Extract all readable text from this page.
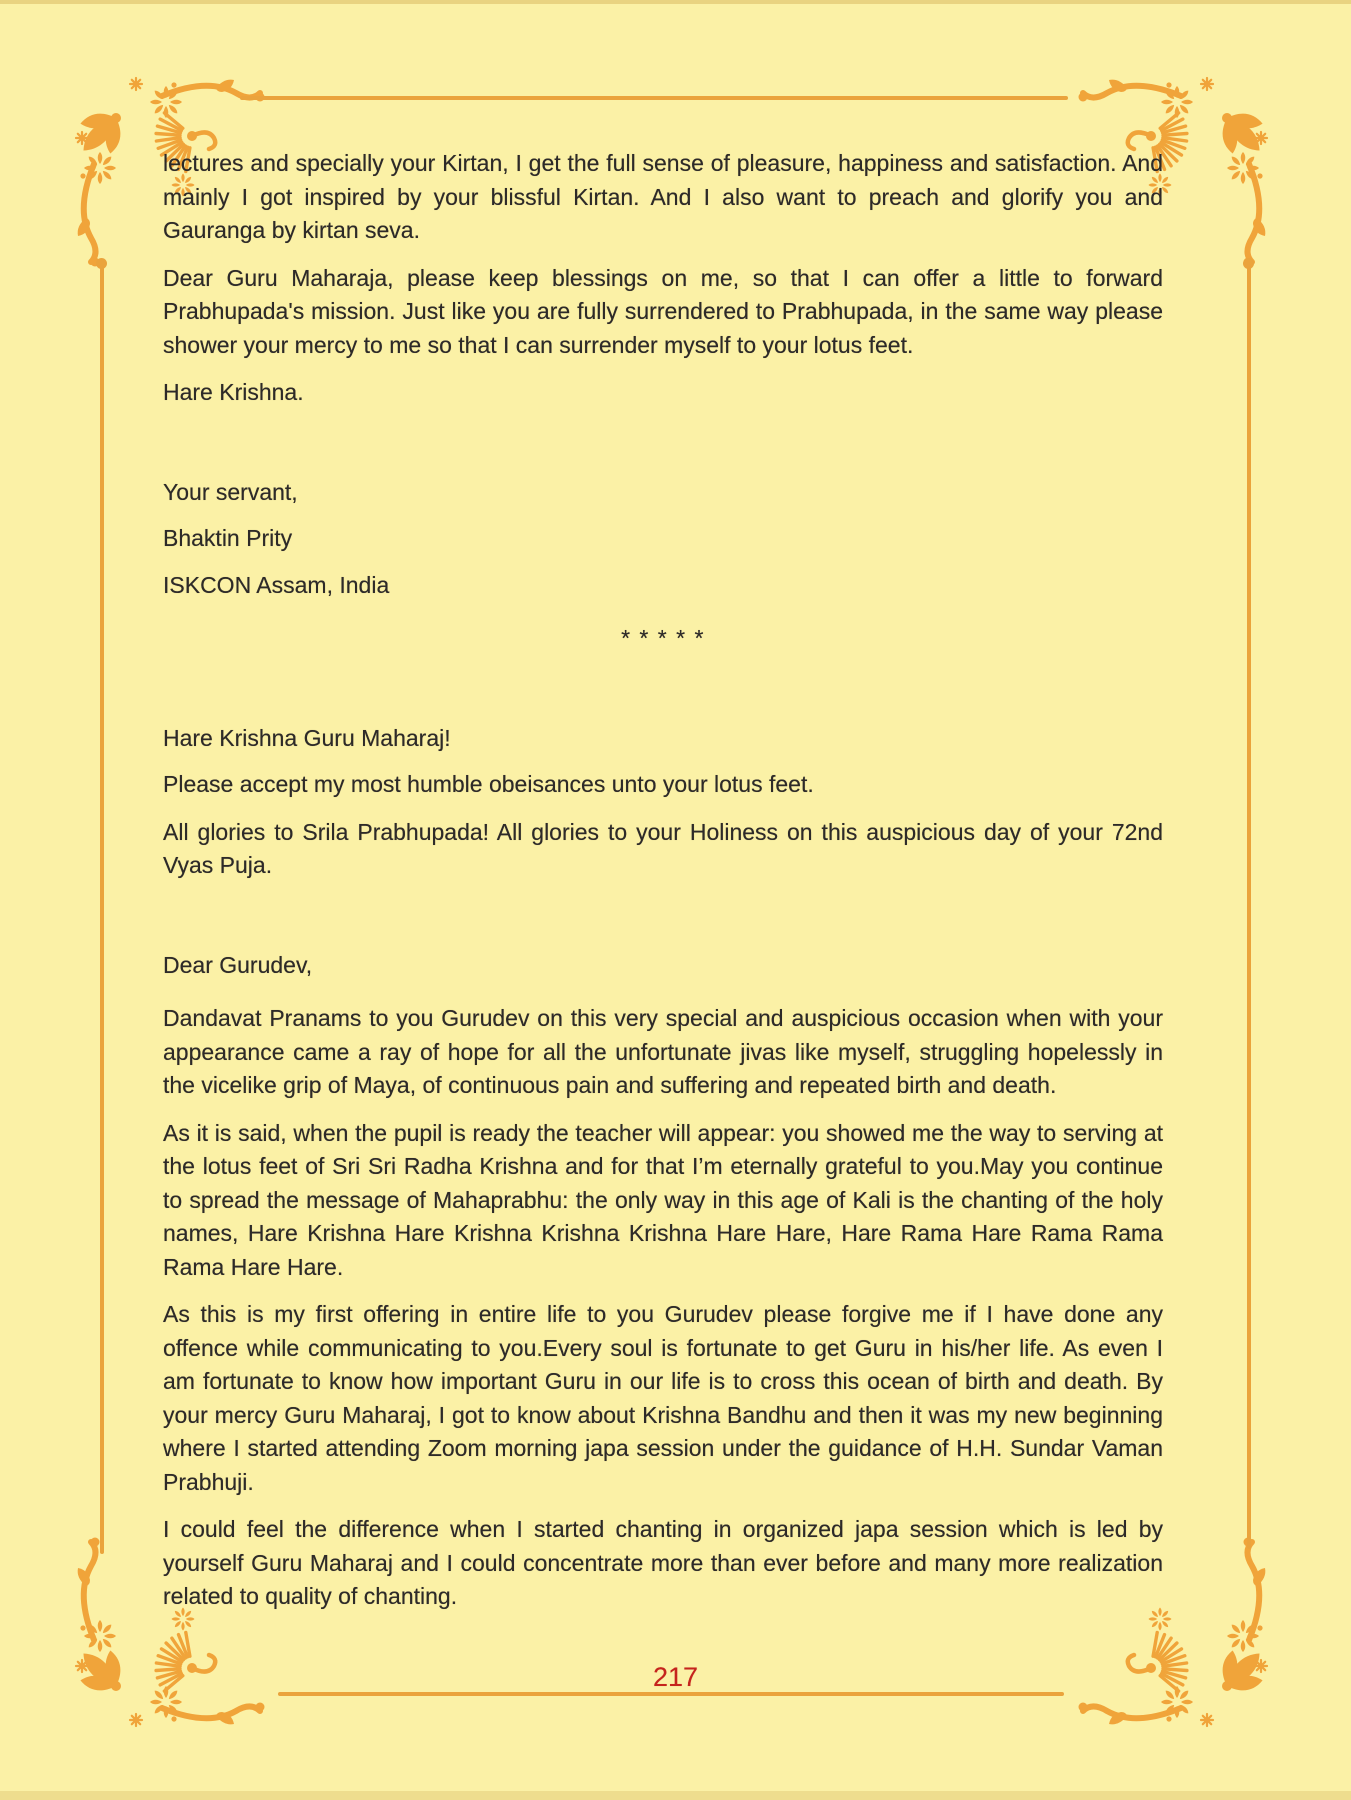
lectures and specially your Kirtan, I get the full sense of pleasure, happiness and satisfaction. And mainly I got inspired by your blissful Kirtan. And I also want to preach and glorify you and Gauranga by kirtan seva.

Dear Guru Maharaja, please keep blessings on me, so that I can offer a little to forward Prabhupada's mission. Just like you are fully surrendered to Prabhupada, in the same way please shower your mercy to me so that I can surrender myself to your lotus feet.

Hare Krishna.

Your servant,

Bhaktin Prity

ISKCON Assam, India

* * * * *

Hare Krishna Guru Maharaj!

Please accept my most humble obeisances unto your lotus feet.

All glories to Srila Prabhupada! All glories to your Holiness on this auspicious day of your 72nd Vyas Puja.

Dear Gurudev,

Dandavat Pranams to you Gurudev on this very special and auspicious occasion when with your appearance came a ray of hope for all the unfortunate jivas like myself, struggling hopelessly in the vicelike grip of Maya, of continuous pain and suffering and repeated birth and death.

As it is said, when the pupil is ready the teacher will appear: you showed me the way to serving at the lotus feet of Sri Sri Radha Krishna and for that I’m eternally grateful to you.May you continue to spread the message of Mahaprabhu: the only way in this age of Kali is the chanting of the holy names, Hare Krishna Hare Krishna Krishna Krishna Hare Hare, Hare Rama Hare Rama Rama Rama Hare Hare.

As this is my first offering in entire life to you Gurudev please forgive me if I have done any offence while communicating to you.Every soul is fortunate to get Guru in his/her life. As even I am fortunate to know how important Guru in our life is to cross this ocean of birth and death. By your mercy Guru Maharaj, I got to know about Krishna Bandhu and then it was my new beginning where I started attending Zoom morning japa session under the guidance of H.H. Sundar Vaman Prabhuji.

I could feel the difference when I started chanting in organized japa session which is led by yourself Guru Maharaj and I could concentrate more than ever before and many more realization related to quality of chanting.

217
